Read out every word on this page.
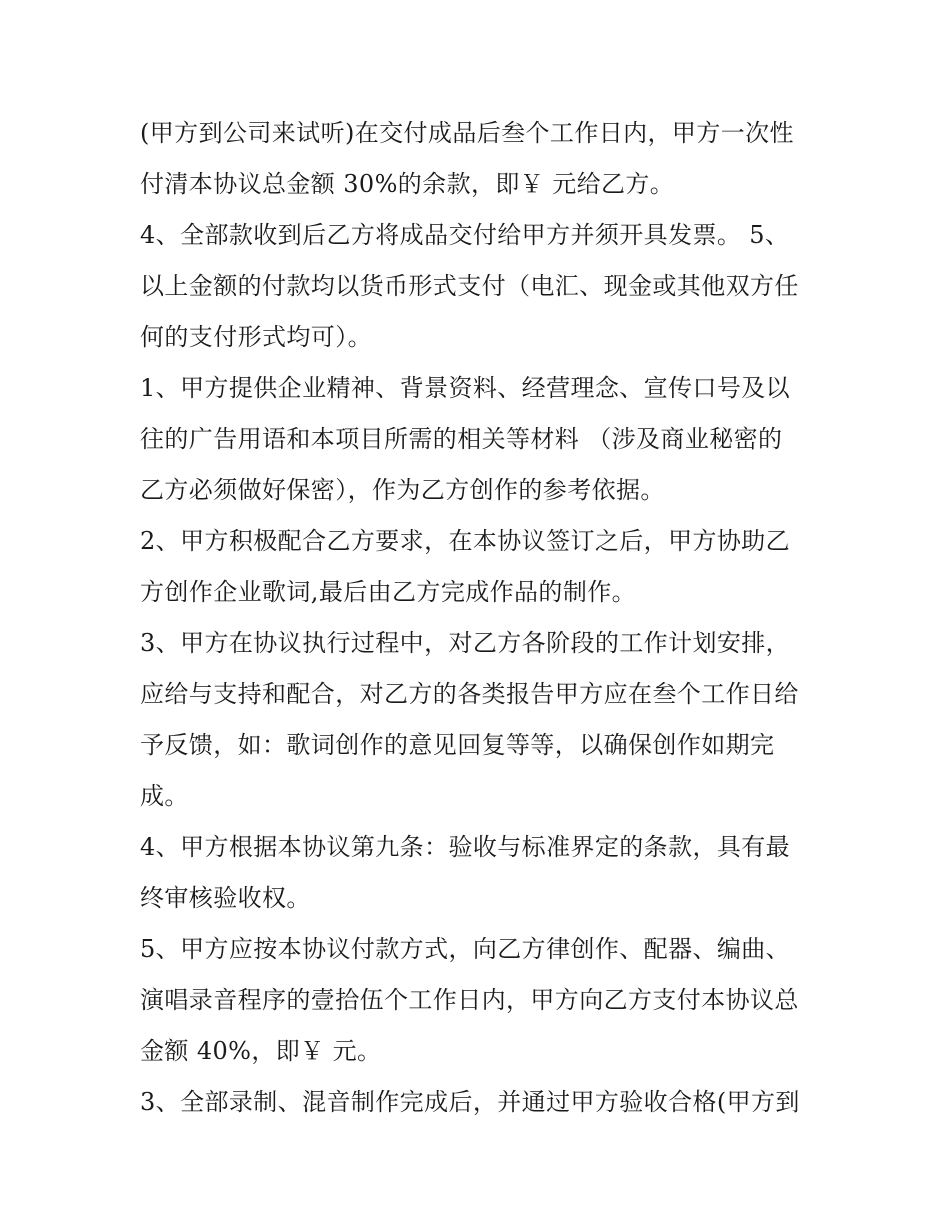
(甲方到公司来试听)在交付成品后叁个工作日内，甲方一次性
付清本协议总金额 30%的余款，即￥ 元给乙方。
4、全部款收到后乙方将成品交付给甲方并须开具发票。 5、
以上金额的付款均以货币形式支付（电汇、现金或其他双方任
何的支付形式均可）。
1、甲方提供企业精神、背景资料、经营理念、宣传口号及以
往的广告用语和本项目所需的相关等材料 （涉及商业秘密的
乙方必须做好保密），作为乙方创作的参考依据。
2、甲方积极配合乙方要求，在本协议签订之后，甲方协助乙
方创作企业歌词,最后由乙方完成作品的制作。
3、甲方在协议执行过程中，对乙方各阶段的工作计划安排，
应给与支持和配合，对乙方的各类报告甲方应在叁个工作日给
予反馈，如：歌词创作的意见回复等等，以确保创作如期完
成。
4、甲方根据本协议第九条：验收与标准界定的条款，具有最
终审核验收权。
5、甲方应按本协议付款方式，向乙方律创作、配器、编曲、
演唱录音程序的壹拾伍个工作日内，甲方向乙方支付本协议总
金额 40%，即￥ 元。
3、全部录制、混音制作完成后，并通过甲方验收合格(甲方到
